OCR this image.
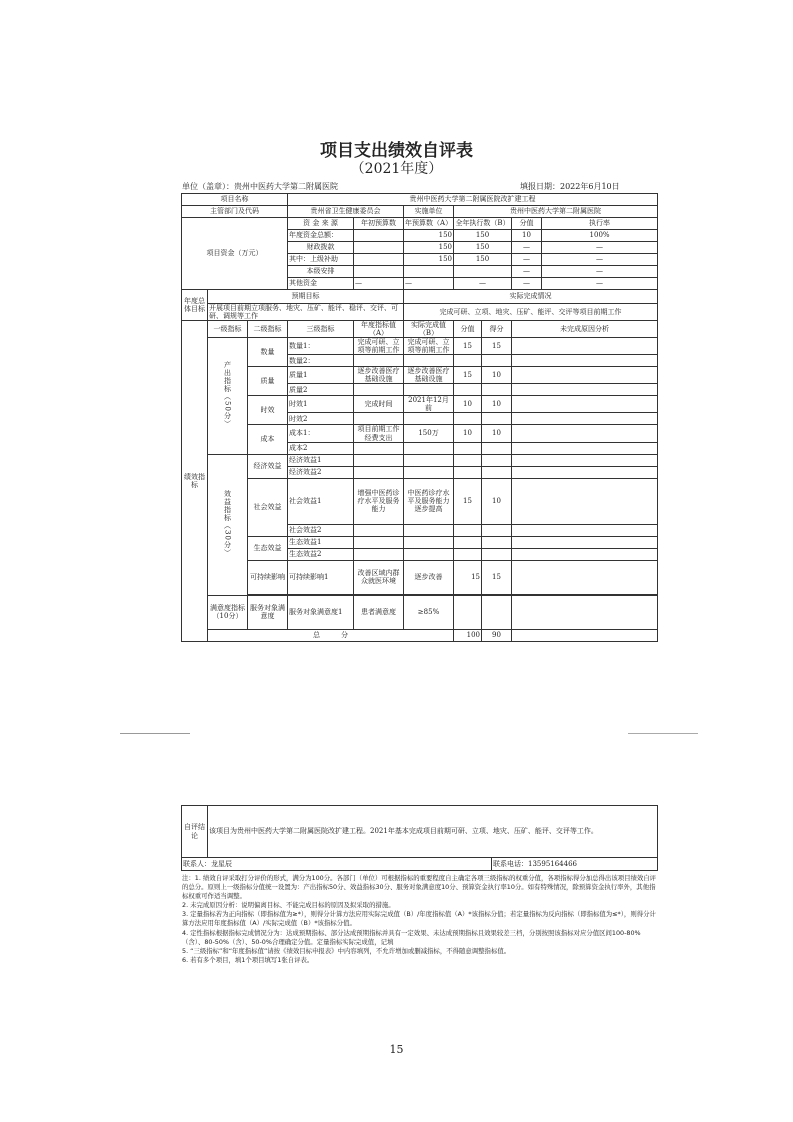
项目支出绩效自评表
（2021年度）
单位（盖章）：贵州中医药大学第二附属医院	填报日期：2022年6月10日
项目名称			贵州中医药大学第二附属医院改扩建工程						
主管部门及代码			贵州省卫生健康委员会		实施单位	贵州中医药大学第二附属医院			
项目资金（万元）			资 金 来 源	年初预算数	年预算数（A）	全年执行数（B）		分值	执行率
			年度资金总额：		150	150		10	100%
			财政拨款		150	150		—	—
			其中：上级补助		150	150		—	—
			本级安排					—	—
			其他资金	—	—	—		—	—
年度总体目标	预期目标				实际完成情况				
	开展项目前期立项服务、地灾、压矿、能评、稳评、交评、可研、调规等工作				完成可研、立项、地灾、压矿、能评、交评等项目前期工作				
绩效指标	一级指标	二级指标	三级指标	年度指标值（A）	实际完成值（B）	分值	得分	未完成原因分析	
	产出指标（50分）	数量	数量1：	完成可研、立项等前期工作	完成可研、立项等前期工作	15	15		
			数量2：						
		质量	质量1	逐步改善医疗基础设施	逐步改善医疗基础设施	15	10		
			质量2						
		时效	时效1	完成时间	2021年12月前	10	10		
			时效2						
		成本	成本1：	项目前期工作经费支出	150万	10	10		
			成本2						
	效益指标（30分）	经济效益	经济效益1						
			经济效益2						
		社会效益	社会效益1	增强中医药诊疗水平及服务能力	中医药诊疗水平及服务能力逐步提高	15	10		
			社会效益2						
		生态效益	生态效益1						
			生态效益2						
		可持续影响	可持续影响1	改善区域内群众就医环境	逐步改善	15	15		

	满意度指标（10分）	服务对象满意度	服务对象满意度1	患者满意度	≥85%				
	总　　　分					100	90		
自评结论	该项目为贵州中医药大学第二附属医院改扩建工程。2021年基本完成项目前期可研、立项、地灾、压矿、能评、交评等工作。	
联系人：龙星辰		联系电话：13595164466
注：1. 绩效自评采取打分评价的形式，满分为100分。各部门（单位）可根据指标的重要程度自主确定各项三级指标的权重分值，各项指标得分加总得出该项目绩效自评的总分。原则上一级指标分值统一设置为：产出指标50分、效益指标30分、服务对象满意度10分、预算资金执行率10分。如有特殊情况，除预算资金执行率外，其他指标权重可作适当调整。
2. 未完成原因分析：说明偏离目标、不能完成目标的原因及拟采取的措施。
3. 定量指标若为正向指标（即指标值为≥*），则得分计算方法应用实际完成值（B）/年度指标值（A）*该指标分值；若定量指标为反向指标（即指标值为≤*），则得分计算方法应用年度指标值（A）/实际完成值（B）*该指标分值。
4. 定性指标根据指标完成情况分为：达成预期指标、部分达成预期指标并具有一定效果、未达成预期指标且效果较差三档，分别按照该指标对应分值区间100-80%（含）、80-50%（含）、50-0%合理确定分值。定量指标实际完成值，记填
5. “三级指标”和“年度指标值”请按《绩效目标申报表》中内容填列，不允许增加或删减指标，不得随意调整指标值。
6. 若有多个项目，填1个项目填写1张自评表。
15
